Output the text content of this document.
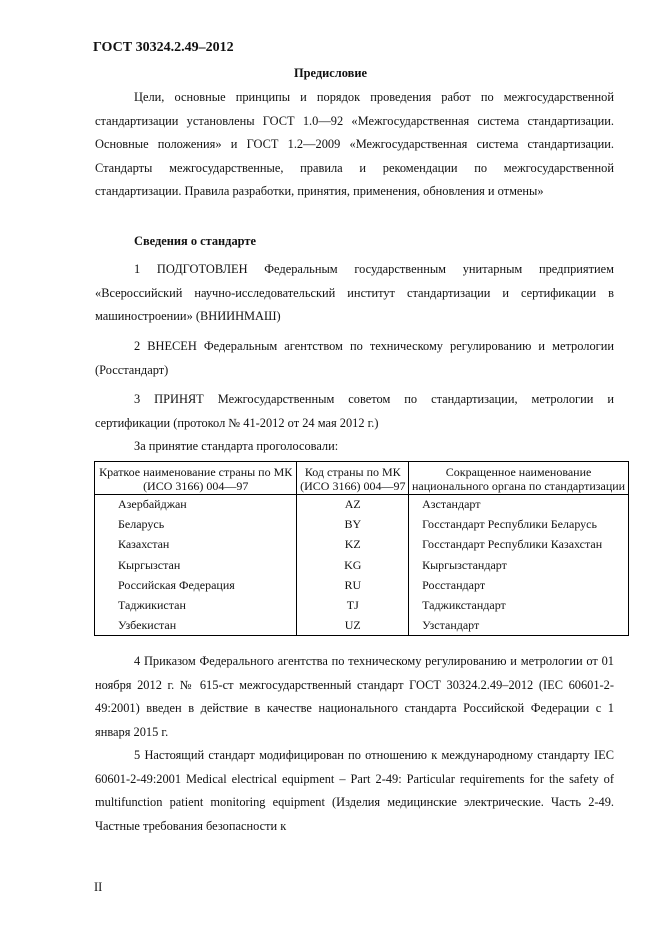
ГОСТ 30324.2.49–2012
Предисловие

Цели, основные принципы и порядок проведения работ по межгосударственной стандартизации установлены ГОСТ 1.0—92 «Межгосударственная система стандартизации. Основные положения» и ГОСТ 1.2—2009 «Межгосударственная система стандартизации. Стандарты межгосударственные, правила и рекомендации по межгосударственной стандартизации. Правила разработки, принятия, применения, обновления и отмены»

Сведения о стандарте

1 ПОДГОТОВЛЕН Федеральным государственным унитарным предприятием «Всероссийский научно-исследовательский институт стандартизации и сертификации в машиностроении» (ВНИИНМАШ)

2 ВНЕСЕН Федеральным агентством по техническому регулированию и метрологии (Росстандарт)

3 ПРИНЯТ Межгосударственным советом по стандартизации, метрологии и сертификации (протокол № 41-2012 от 24 мая 2012 г.)

За принятие стандарта проголосовали:
Краткое наименование страны по МК (ИСО 3166) 004—97	Код страны по МК (ИСО 3166) 004—97	Сокращенное наименование национального органа по стандартизации
Азербайджан	AZ	Азстандарт
Беларусь	BY	Госстандарт Республики Беларусь
Казахстан	KZ	Госстандарт Республики Казахстан
Кыргызстан	KG	Кыргызстандарт
Российская Федерация	RU	Росстандарт
Таджикистан	TJ	Таджикстандарт
Узбекистан	UZ	Узстандарт

4 Приказом Федерального агентства по техническому регулированию и метрологии от 01 ноября 2012 г. № 615-ст межгосударственный стандарт ГОСТ 30324.2.49–2012 (IEC 60601-2-49:2001) введен в действие в качестве национального стандарта Российской Федерации с 1 января 2015 г.

5 Настоящий стандарт модифицирован по отношению к международному стандарту IEC 60601-2-49:2001 Medical electrical equipment – Part 2-49: Particular requirements for the safety of multifunction patient monitoring equipment (Изделия медицинские электрические. Часть 2-49. Частные требования безопасности к

II
